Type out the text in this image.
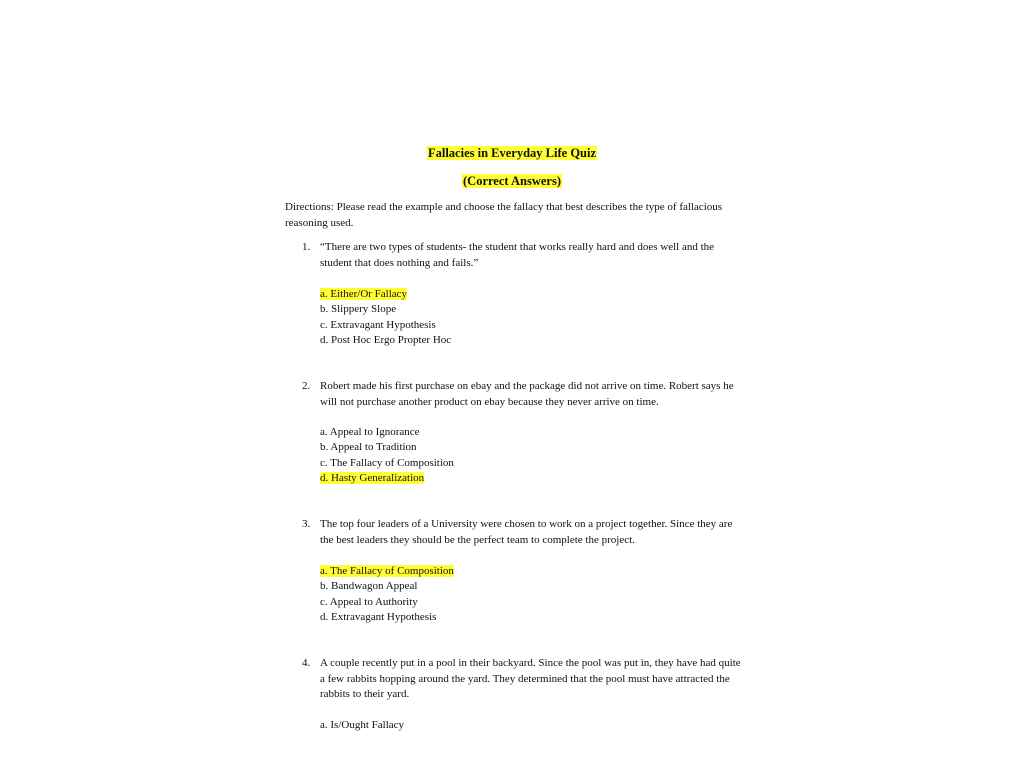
Fallacies in Everyday Life Quiz
(Correct Answers)
Directions: Please read the example and choose the fallacy that best describes the type of fallacious reasoning used.
1. “There are two types of students- the student that works really hard and does well and the student that does nothing and fails.”
a. Either/Or Fallacy
b. Slippery Slope
c. Extravagant Hypothesis
d. Post Hoc Ergo Propter Hoc
2. Robert made his first purchase on ebay and the package did not arrive on time. Robert says he will not purchase another product on ebay because they never arrive on time.
a. Appeal to Ignorance
b. Appeal to Tradition
c. The Fallacy of Composition
d. Hasty Generalization
3. The top four leaders of a University were chosen to work on a project together. Since they are the best leaders they should be the perfect team to complete the project.
a. The Fallacy of Composition
b. Bandwagon Appeal
c. Appeal to Authority
d. Extravagant Hypothesis
4. A couple recently put in a pool in their backyard. Since the pool was put in, they have had quite a few rabbits hopping around the yard. They determined that the pool must have attracted the rabbits to their yard.
a. Is/Ought Fallacy
